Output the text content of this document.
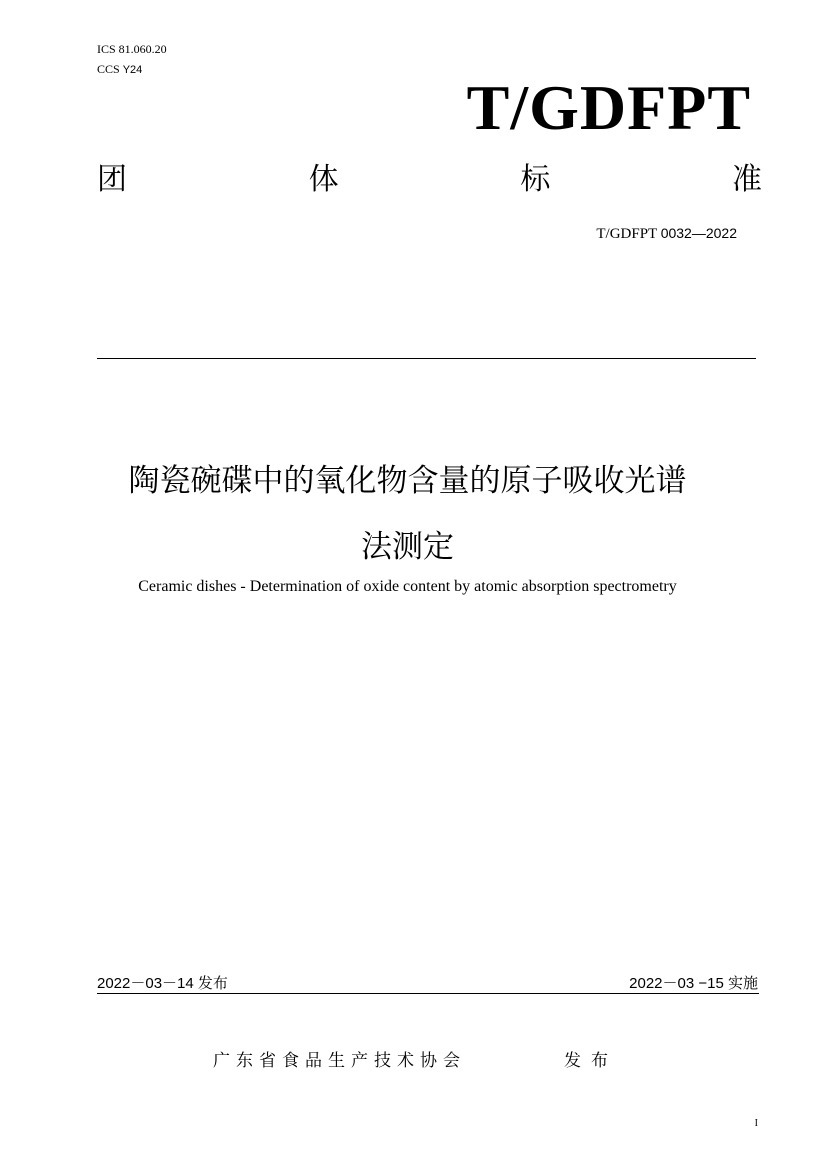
ICS 81.060.20
CCS Y24
T/GDFPT
团	体	标	准
T/GDFPT 0032—2022
陶瓷碗碟中的氧化物含量的原子吸收光谱
法测定
Ceramic dishes - Determination of oxide content by atomic absorption spectrometry
2022－03－14 发布	2022－03 −15 实施
广东省食品生产技术协会	发布
I
